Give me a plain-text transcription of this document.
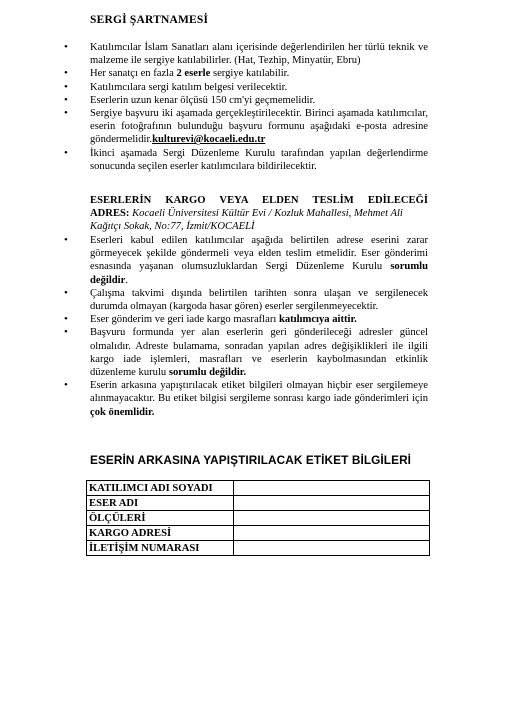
SERGİ ŞARTNAMESİ
• Katılımcılar İslam Sanatları alanı içerisinde değerlendirilen her türlü teknik ve malzeme ile sergiye katılabilirler. (Hat, Tezhip, Minyatür, Ebru)
• Her sanatçı en fazla 2 eserle sergiye katılabilir.
• Katılımcılara sergi katılım belgesi verilecektir.
• Eserlerin uzun kenar ölçüsü 150 cm'yi geçmemelidir.
• Sergiye başvuru iki aşamada gerçekleştirilecektir. Birinci aşamada katılımcılar, eserin fotoğrafının bulunduğu başvuru formunu aşağıdaki e-posta adresine göndermelidir.kulturevi@kocaeli.edu.tr
• İkinci aşamada Sergi Düzenleme Kurulu tarafından yapılan değerlendirme sonucunda seçilen eserler katılımcılara bildirilecektir.
ESERLERİN KARGO VEYA ELDEN TESLİM EDİLECEĞİ
ADRES: Kocaeli Üniversitesi Kültür Evi / Kozluk Mahallesi, Mehmet Ali Kağıtçı Sokak, No:77, İzmit/KOCAELİ
• Eserleri kabul edilen katılımcılar aşağıda belirtilen adrese eserini zarar görmeyecek şekilde göndermeli veya elden teslim etmelidir. Eser gönderimi esnasında yaşanan olumsuzluklardan Sergi Düzenleme Kurulu sorumlu değildir.
• Çalışma takvimi dışında belirtilen tarihten sonra ulaşan ve sergilenecek durumda olmayan (kargoda hasar gören) eserler sergilenmeyecektir.
• Eser gönderim ve geri iade kargo masrafları katılımcıya aittir.
• Başvuru formunda yer alan eserlerin geri gönderileceği adresler güncel olmalıdır. Adreste bulamama, sonradan yapılan adres değişiklikleri ile ilgili kargo iade işlemleri, masrafları ve eserlerin kaybolmasından etkinlik düzenleme kurulu sorumlu değildir.
• Eserin arkasına yapıştırılacak etiket bilgileri olmayan hiçbir eser sergilemeye alınmayacaktır. Bu etiket bilgisi sergileme sonrası kargo iade gönderimleri için çok önemlidir.
ESERİN ARKASINA YAPIŞTIRILACAK ETİKET BİLGİLERİ
KATILIMCI ADI SOYADI	
ESER ADI	
ÖLÇÜLERİ	
KARGO ADRESİ	
İLETİŞİM NUMARASI	
